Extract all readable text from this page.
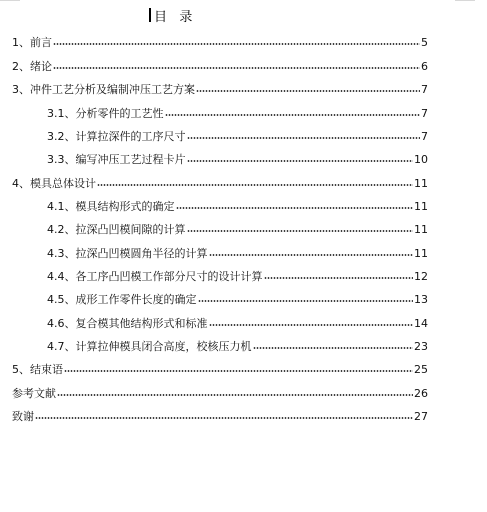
目   录
1、前言	5
2、绪论	6
3、冲件工艺分析及编制冲压工艺方案	7
3.1、分析零件的工艺性	7
3.2、计算拉深件的工序尺寸	7
3.3、编写冲压工艺过程卡片	10
4、模具总体设计	11
4.1、模具结构形式的确定	11
4.2、拉深凸凹模间隙的计算	11
4.3、拉深凸凹模圆角半径的计算	11
4.4、各工序凸凹模工作部分尺寸的设计计算	12
4.5、成形工作零件长度的确定	13
4.6、复合模其他结构形式和标准	14
4.7、计算拉伸模具闭合高度，校核压力机	23
5、结束语	25
参考文献	26
致谢	27
